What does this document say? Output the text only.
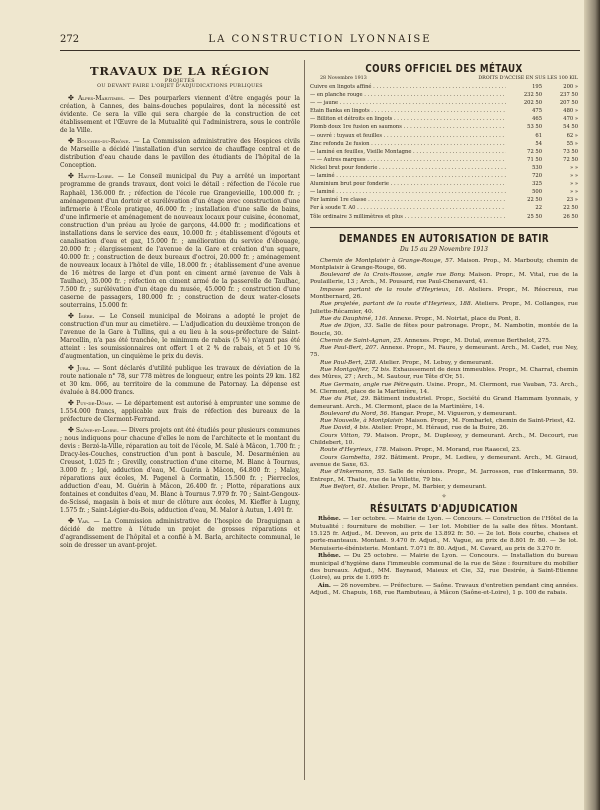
272	LA CONSTRUCTION LYONNAISE
TRAVAUX DE LA RÉGION
PROJETÉS
OU DEVANT FAIRE L'OBJET D'ADJUDICATIONS PUBLIQUES

✤ Alpes-Maritimes. — Des pourparlers viennent d'être engagés pour la création, à Cannes, des bains-douches populaires, dont la nécessité est évidente. Ce sera la ville qui sera chargée de la construction de cet établissement et l'Œuvre de la Mutualité qui l'administrera, sous le contrôle de la Ville.

✤ Bouches-du-Rhône. — La Commission administrative des Hospices civils de Marseille a décidé l'installation d'un service de chauffage central et de distribution d'eau chaude dans le pavillon des étudiants de l'hôpital de la Conception.

✤ Haute-Loire. — Le Conseil municipal du Puy a arrêté un important programme de grands travaux, dont voici le détail : réfection de l'école rue Raphaël, 136.000 fr. ; réfection de l'école rue Grangevieille, 100.000 fr. ; aménagement d'un dortoir et surélévation d'un étage avec construction d'une infirmerie à l'École pratique, 46.000 fr. ; installation d'une salle de bains, d'une infirmerie et aménagement de nouveaux locaux pour cuisine, économat, construction d'un préau au lycée de garçons, 44.000 fr. ; modifications et installations dans le service des eaux, 10.000 fr. ; établissement d'égouts et canalisation d'eau et gaz, 15.000 fr. ; amélioration du service d'ébouage, 20.000 fr. ; élargissement de l'avenue de la Gare et création d'un square, 40.000 fr. ; construction de deux bureaux d'octroi, 20.000 fr. ; aménagement de nouveaux locaux à l'hôtel de ville, 18.000 fr. ; établissement d'une avenue de 16 mètres de large et d'un pont en ciment armé (avenue de Vals à Taulhac), 35.000 fr. ; réfection en ciment armé de la passerelle de Taulhac, 7.500 fr. ; surélévation d'un étage du musée, 45.000 fr. ; construction d'une caserne de passagers, 180.000 fr. ; construction de deux water-closets souterrains, 15.000 fr.

✤ Isère. — Le Conseil municipal de Moirans a adopté le projet de construction d'un mur au cimetière. — L'adjudication du deuxième tronçon de l'avenue de la Gare à Tullins, qui a eu lieu à la sous-préfecture de Saint-Marcellin, n'a pas été tranchée, le minimum de rabais (5 %) n'ayant pas été atteint : les soumissionnaires ont offert 1 et 2 % de rabais, et 5 et 10 % d'augmentation, un cinquième le prix du devis.

✤ Jura. — Sont déclarés d'utilité publique les travaux de déviation de la route nationale n° 78, sur 778 mètres de longueur, entre les points 29 km. 182 et 30 km. 066, au territoire de la commune de Patornay. La dépense est évaluée à 84.000 francs.

✤ Puy-de-Dôme. — Le département est autorisé à emprunter une somme de 1.554.000 francs, applicable aux frais de réfection des bureaux de la préfecture de Clermont-Ferrand.

✤ Saône-et-Loire. — Divers projets ont été étudiés pour plusieurs communes ; nous indiquons pour chacune d'elles le nom de l'architecte et le montant du devis : Berzé-la-Ville, réparation au toit de l'école, M. Salé à Mâcon, 1.700 fr. ; Dracy-les-Couches, construction d'un pont à bascule, M. Desarménien au Creusot, 1.025 fr. ; Grevilly, construction d'une citerne, M. Blanc à Tournus, 3.000 fr. ; Igé, adduction d'eau, M. Guérin à Mâcon, 64.800 fr. ; Malay, réparations aux écoles, M. Pagenel à Cormatin, 15.500 fr. ; Pierreclos, adduction d'eau, M. Guérin à Mâcon, 26.400 fr. ; Plotte, réparations aux fontaines et conduites d'eau, M. Blanc à Tournus 7.979 fr. 70 ; Saint-Gengoux-de-Scissé, magasin à bois et mur de clôture aux écoles, M. Kieffer à Lugny, 1.575 fr. ; Saint-Légier-du-Bois, adduction d'eau, M. Malor à Autun, 1.491 fr.

✤ Var. — La Commission administrative de l'hospice de Draguignan a décidé de mettre à l'étude un projet de grosses réparations et d'agrandissement de l'hôpital et a confié à M. Barla, architecte communal, le soin de dresser un avant-projet.

COURS OFFICIEL DES MÉTAUX
28 Novembre 1913	DROITS D'ACCISE EN SUS LES 100 KIL
Cuivre en lingots affiné . . .	195	200 »
— en planche rouge . . .	232 50	237 50
— — jaune . . .	202 50	207 50
Etain Banka en lingots . . .	475	480 »
— Billiton et détroits en lingots . . .	465	470 »
Plomb doux 1re fusion en saumons . . .	53 50	54 50
— ouvré : tuyaux et feuilles . . .	61	62 »
Zinc refondu 2e fusion . . .	54	55 »
— laminé en feuilles, Vieille Montagne . . .	72 50	73 50
— — Autres marques . . .	71 50	72 50
Nickel brut pour fonderie . . .	530	» »
— laminé . . .	720	» »
Aluminium brut pour fonderie . . .	325	» »
— laminé . . .	500	» »
Fer laminé 1re classe . . .	22 50	23 »
Fer à soude T. A0 . . .	22	22 50
Tôle ordinaire 3 millimètres et plus . . .	25 50	26 50
DEMANDES EN AUTORISATION DE BATIR
Du 15 au 29 Novembre 1913

Chemin de Montplaisir à Grange-Rouge, 57. Maison. Prop., M. Marbouty, chemin de Montplaisir à Grange-Rouge, 66.

Boulevard de la Croix-Rousse, angle rue Bony. Maison. Propr., M. Vital, rue de la Poulaillerie, 13 ; Arch., M. Pousard, rue Paul-Chenavard, 41.

Impasse partant de la route d'Heyrieux, 16. Ateliers. Propr., M. Réocreux, rue Montbernard, 26.

Rue projetée, partant de la route d'Heyrieux, 188. Ateliers. Propr., M. Collanges, rue Juliette-Récamier, 40.

Rue du Dauphiné, 116. Annexe. Propr., M. Noirtat, place du Pont, 8.

Rue de Dijon, 33. Salle de fêtes pour patronage. Propr., M. Nambotin, montée de la Boucle, 30.

Chemin de Saint-Agnan, 25. Annexes. Propr., M. Dutal, avenue Berthelot, 275.

Rue Paul-Bert, 207. Annexe. Propr., M. Faure, y demeurant. Arch., M. Cadet, rue Ney, 75.

Rue Paul-Bert, 238. Atelier. Propr., M. Lebuy, y demeurant.

Rue Montgolfier, 72 bis. Exhaussement de deux immeubles. Propr., M. Charrat, chemin des Mûres, 27 ; Arch., M. Sautour, rue Tête d'Or, 51.

Rue Germain, angle rue Pétrequin. Usine. Propr., M. Clermont, rue Vauban, 73. Arch., M. Clermont, place de la Martinière, 14.

Rue du Plat, 29. Bâtiment industriel. Propr., Société du Grand Hammam lyonnais, y demeurant. Arch., M. Clermont, place de la Martinière, 14.

Boulevard du Nord, 56. Hangar. Propr., M. Vigueron, y demeurant.

Rue Nouvelle, à Montplaisir. Maison. Propr., M. Fombarlet, chemin de Saint-Priest, 42.

Rue David, 4 bis. Atelier. Propr., M. Héraud, rue de la Buire, 26.

Cours Vitton, 79. Maison. Propr., M. Duplessy, y demeurant. Arch., M. Decourt, rue Childebert, 10.

Route d'Heyrieux, 178. Maison. Propr., M. Morand, rue Raaecel, 23.

Cours Gambetta, 192. Bâtiment. Propr., M. Ledieu, y demeurant. Arch., M. Giraud, avenue de Saxe, 63.

Rue d'Inkermann, 55. Salle de réunions. Propr., M. Jarrosson, rue d'Inkermann, 59. Entrepr., M. Thaite, rue de la Villette, 79 bis.

Rue Belfort, 61. Atelier. Propr., M. Barbier, y demeurant.

✧
RÉSULTATS D'ADJUDICATION

Rhône. — 1er octobre. — Mairie de Lyon. — Concours. — Construction de l'Hôtel de la Mutualité : fourniture de mobilier. — 1er lot. Mobilier de la salle des fêtes. Montant. 15.125 fr. Adjud., M. Drevon, au prix de 13.892 fr. 50. — 2e lot. Bois courbe, chaises et porte-manteaux. Montant. 9.470 fr. Adjud., M. Vague, au prix de 8.801 fr. 80. — 3e lot. Menuiserie-ébénisterie. Montant. 7.071 fr. 80. Adjud., M. Cavard, au prix de 3.270 fr.

Rhône. — Du 25 octobre. — Mairie de Lyon. — Concours. — Installation du bureau municipal d'hygiène dans l'immeuble communal de la rue de Sèze : fourniture du mobilier des bureaux. Adjud., MM. Baynaud, Maieux et Cie, 32, rue Desirée, à Saint-Etienne (Loire), au prix de 1.695 fr.

Ain. — 26 novembre. — Préfecture. — Saône. Travaux d'entretien pendant cinq années. Adjud., M. Chapuis, 168, rue Rambuteau, à Mâcon (Saône-et-Loire), 1 p. 100 de rabais.
